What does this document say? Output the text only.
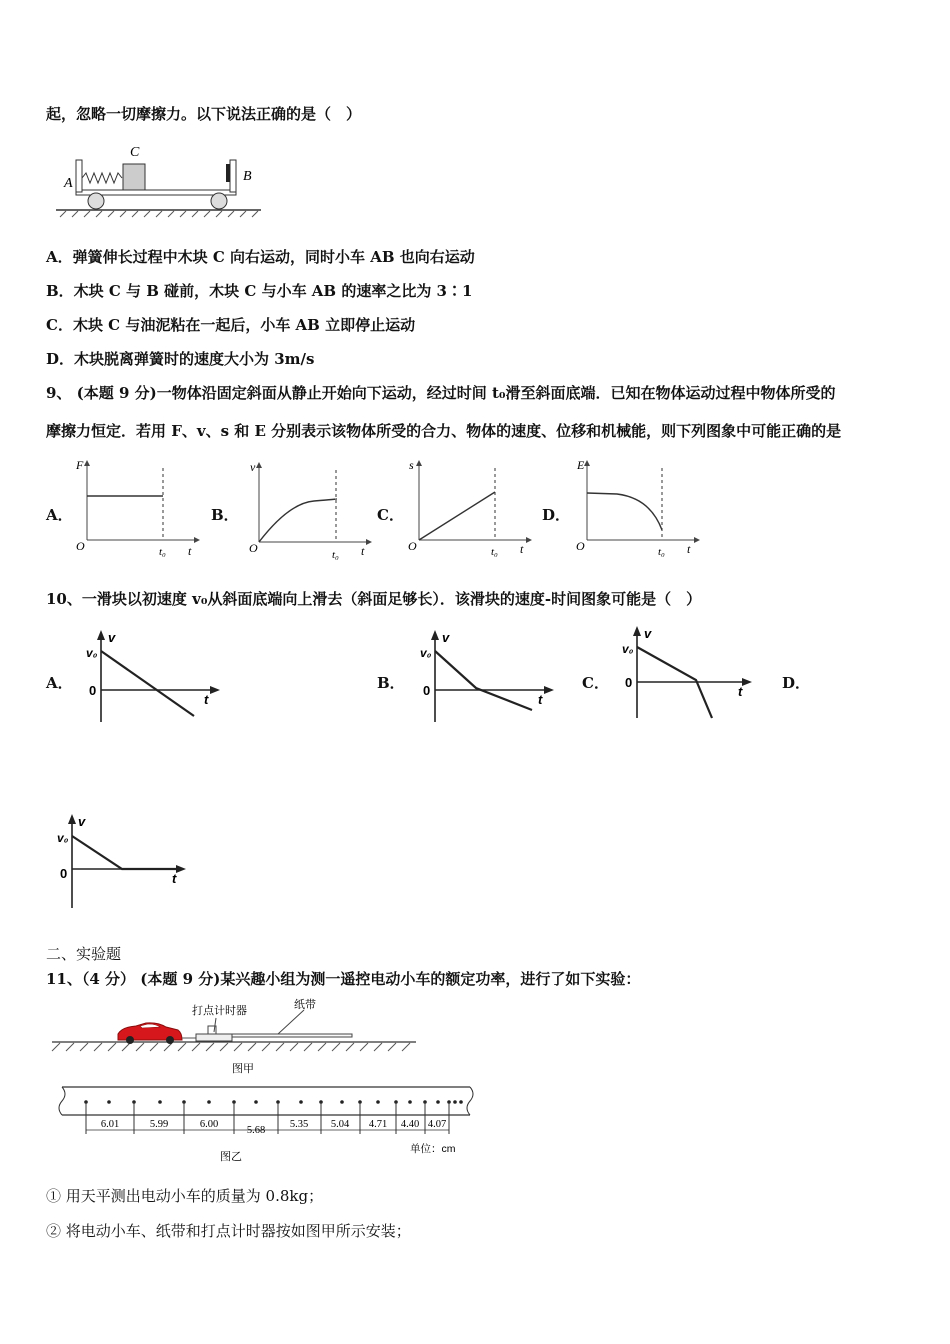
起，忽略一切摩擦力。以下说法正确的是（　）
A
C
B
A．弹簧伸长过程中木块 C 向右运动，同时小车 AB 也向右运动
B．木块 C 与 B 碰前，木块 C 与小车 AB 的速率之比为 3∶1
C．木块 C 与油泥粘在一起后，小车 AB 立即停止运动
D．木块脱离弹簧时的速度大小为 3m/s
9、 (本题 9 分)一物体沿固定斜面从静止开始向下运动，经过时间 t₀滑至斜面底端．已知在物体运动过程中物体所受的
摩擦力恒定．若用 F、v、s 和 E 分别表示该物体所受的合力、物体的速度、位移和机械能，则下列图象中可能正确的是
A．	B．	C．	D．
F
O	t₀ t
v
O	t₀ t
s
O	t₀ t
E
O	t₀ t
10、一滑块以初速度 v₀从斜面底端向上滑去（斜面足够长）．该滑块的速度-时间图象可能是（　）
A．	B．	C．	D．
v
v₀
0
t
v
v₀
0
t
v
v₀
0
t
v
v₀
0	t
二、实验题
11、（4 分） (本题 9 分)某兴趣小组为测一遥控电动小车的额定功率，进行了如下实验：
打点计时器	纸带
图甲
6.01	5.99	6.00
5.68
5.35 5.04 4.71 4.40 4.07
单位：cm
图乙
① 用天平测出电动小车的质量为 0.8kg；
② 将电动小车、纸带和打点计时器按如图甲所示安装；
